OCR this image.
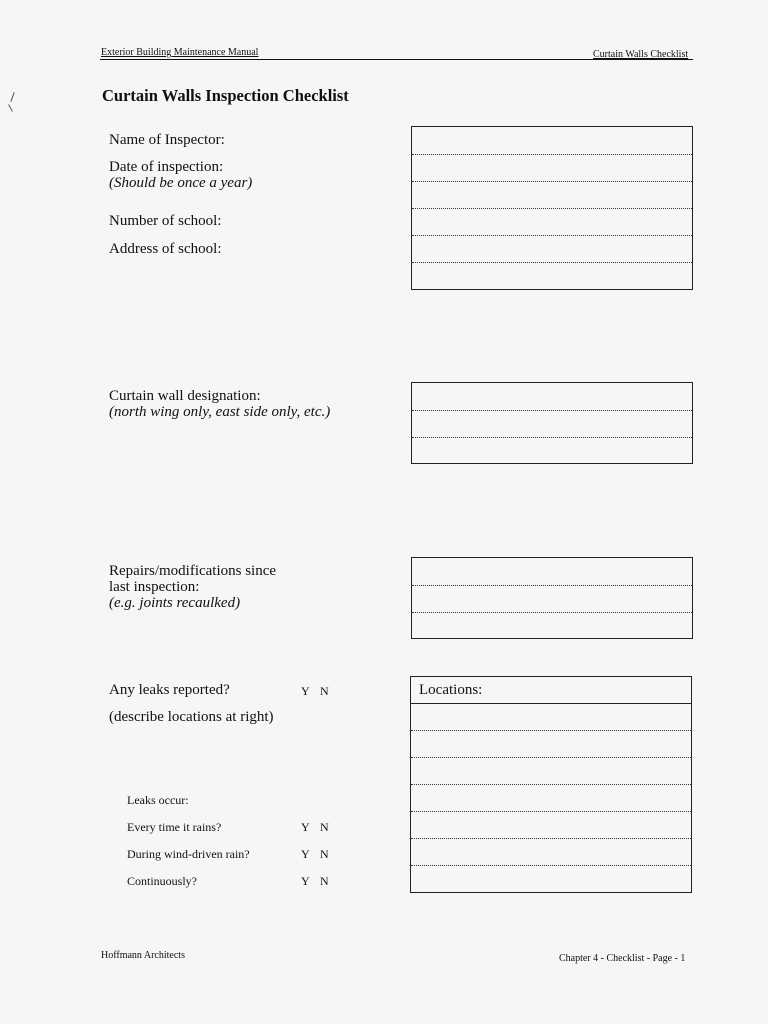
Exterior Building Maintenance Manual	Curtain Walls Checklist
Curtain Walls Inspection Checklist
Name of Inspector:
Date of inspection:
(Should be once a year)
Number of school:
Address of school:
Curtain wall designation:
(north wing only, east side only, etc.)
Repairs/modifications since
last inspection:
(e.g. joints recaulked)
Any leaks reported?	Y N
(describe locations at right)
Leaks occur:
Every time it rains?	Y N
During wind-driven rain?	Y N
Continuously?	Y N
Locations:
Hoffmann Architects	Chapter 4 - Checklist - Page - 1
